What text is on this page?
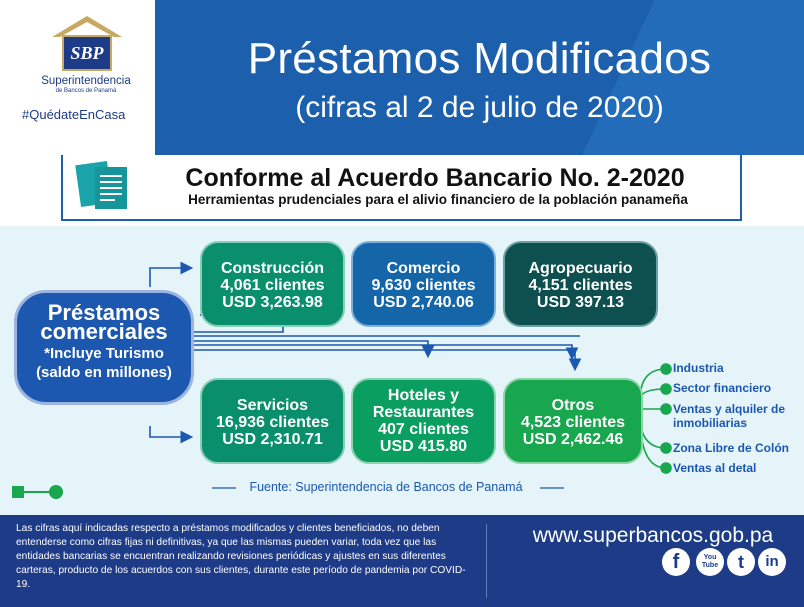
SBP
Superintendencia
de Bancos de Panamá
#QuédateEnCasa
Préstamos Modificados
(cifras al 2 de julio de 2020)
Conforme al Acuerdo Bancario No. 2-2020
Herramientas prudenciales para el alivio financiero de la población panameña
Préstamos
comerciales
*Incluye Turismo
(saldo en millones)
Construcción
4,061 clientes
USD 3,263.98
Comercio
9,630 clientes
USD 2,740.06
Agropecuario
4,151 clientes
USD 397.13
Servicios
16,936 clientes
USD 2,310.71
Hoteles y
Restaurantes
407 clientes
USD 415.80
Otros
4,523 clientes
USD 2,462.46
Industria
Sector financiero
Ventas y alquiler de
inmobiliarias
Zona Libre de Colón
Ventas al detal
Fuente: Superintendencia de Bancos de Panamá
Las cifras aquí indicadas respecto a préstamos modificados y clientes beneficiados, no deben entenderse como cifras fijas ni definitivas, ya que las mismas pueden variar, toda vez que las entidades bancarias se encuentran realizando revisiones periódicas y ajustes en sus diferentes carteras, producto de los acuerdos con sus clientes, durante este período de pandemia por COVID-19.
www.superbancos.gob.pa
f	You Tube	t	in
